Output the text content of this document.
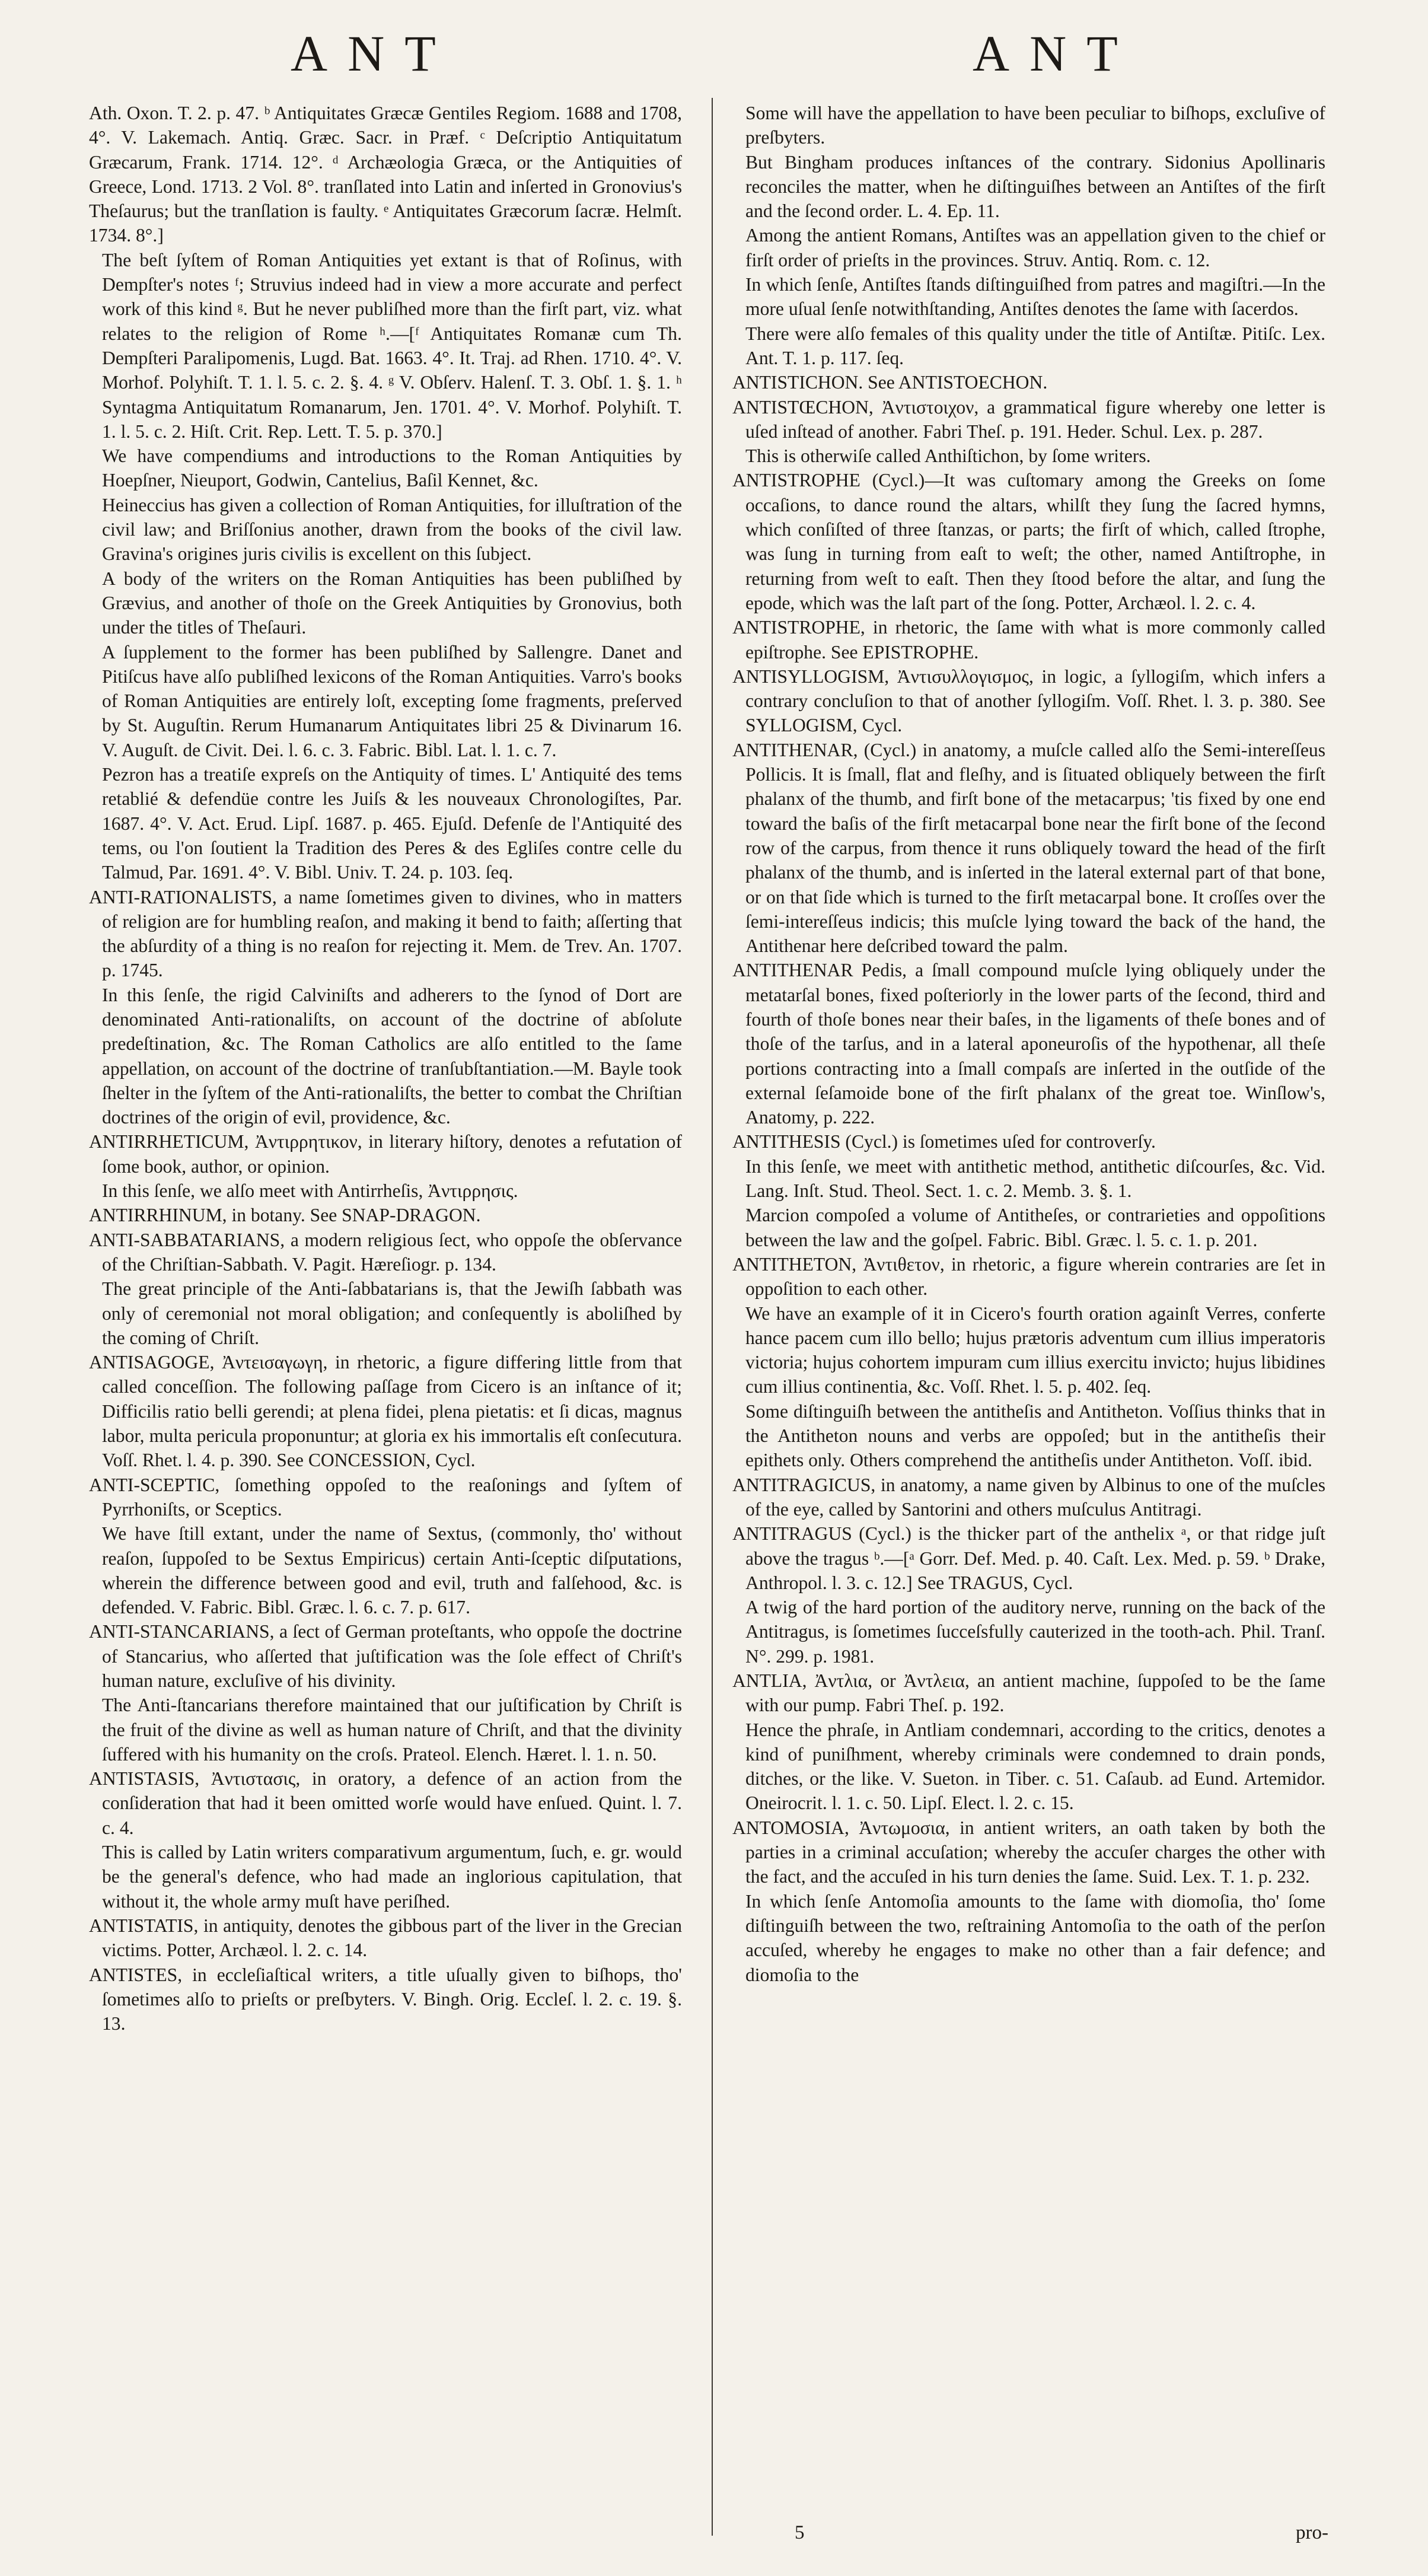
ANT	ANT

Ath. Oxon. T. 2. p. 47. ᵇ Antiquitates Græcæ Gentiles Regiom. 1688 and 1708, 4°. V. Lakemach. Antiq. Græc. Sacr. in Præf. ᶜ Deſcriptio Antiquitatum Græcarum, Frank. 1714. 12°. ᵈ Archæologia Græca, or the Antiquities of Greece, Lond. 1713. 2 Vol. 8°. tranſlated into Latin and inſerted in Gronovius's Theſaurus; but the tranſlation is faulty. ᵉ Antiquitates Græcorum ſacræ. Helmſt. 1734. 8°.]

The beſt ſyſtem of Roman Antiquities yet extant is that of Roſinus, with Dempſter's notes ᶠ; Struvius indeed had in view a more accurate and perfect work of this kind ᵍ. But he never publiſhed more than the firſt part, viz. what relates to the religion of Rome ʰ.—[ᶠ Antiquitates Romanæ cum Th. Dempſteri Paralipomenis, Lugd. Bat. 1663. 4°. It. Traj. ad Rhen. 1710. 4°. V. Morhof. Polyhiſt. T. 1. l. 5. c. 2. §. 4. ᵍ V. Obſerv. Halenſ. T. 3. Obſ. 1. §. 1. ʰ Syntagma Antiquitatum Romanarum, Jen. 1701. 4°. V. Morhof. Polyhiſt. T. 1. l. 5. c. 2. Hiſt. Crit. Rep. Lett. T. 5. p. 370.]

We have compendiums and introductions to the Roman Antiquities by Hoepſner, Nieuport, Godwin, Cantelius, Baſil Kennet, &c.

Heineccius has given a collection of Roman Antiquities, for illuſtration of the civil law; and Briſſonius another, drawn from the books of the civil law. Gravina's origines juris civilis is excellent on this ſubject.

A body of the writers on the Roman Antiquities has been publiſhed by Grævius, and another of thoſe on the Greek Antiquities by Gronovius, both under the titles of Theſauri.

A ſupplement to the former has been publiſhed by Sallengre. Danet and Pitiſcus have alſo publiſhed lexicons of the Roman Antiquities. Varro's books of Roman Antiquities are entirely loſt, excepting ſome fragments, preſerved by St. Auguſtin. Rerum Humanarum Antiquitates libri 25 & Divinarum 16. V. Auguſt. de Civit. Dei. l. 6. c. 3. Fabric. Bibl. Lat. l. 1. c. 7.

Pezron has a treatiſe expreſs on the Antiquity of times. L' Antiquité des tems retablié & defendüe contre les Juiſs & les nouveaux Chronologiſtes, Par. 1687. 4°. V. Act. Erud. Lipſ. 1687. p. 465. Ejuſd. Defenſe de l'Antiquité des tems, ou l'on ſoutient la Tradition des Peres & des Egliſes contre celle du Talmud, Par. 1691. 4°. V. Bibl. Univ. T. 24. p. 103. ſeq.

ANTI-RATIONALISTS, a name ſometimes given to divines, who in matters of religion are for humbling reaſon, and making it bend to faith; aſſerting that the abſurdity of a thing is no reaſon for rejecting it. Mem. de Trev. An. 1707. p. 1745.

In this ſenſe, the rigid Calviniſts and adherers to the ſynod of Dort are denominated Anti-rationaliſts, on account of the doctrine of abſolute predeſtination, &c. The Roman Catholics are alſo entitled to the ſame appellation, on account of the doctrine of tranſubſtantiation.—M. Bayle took ſhelter in the ſyſtem of the Anti-rationaliſts, the better to combat the Chriſtian doctrines of the origin of evil, providence, &c.

ANTIRRHETICUM, Ἀντιρρητικον, in literary hiſtory, denotes a refutation of ſome book, author, or opinion.

In this ſenſe, we alſo meet with Antirrheſis, Ἀντιρρησις.

ANTIRRHINUM, in botany. See SNAP-DRAGON.

ANTI-SABBATARIANS, a modern religious ſect, who oppoſe the obſervance of the Chriſtian-Sabbath. V. Pagit. Hæreſiogr. p. 134.

The great principle of the Anti-ſabbatarians is, that the Jewiſh ſabbath was only of ceremonial not moral obligation; and conſequently is aboliſhed by the coming of Chriſt.

ANTISAGOGE, Ἀντεισαγωγη, in rhetoric, a figure differing little from that called conceſſion. The following paſſage from Cicero is an inſtance of it; Difficilis ratio belli gerendi; at plena fidei, plena pietatis: et ſi dicas, magnus labor, multa pericula proponuntur; at gloria ex his immortalis eſt conſecutura. Voſſ. Rhet. l. 4. p. 390. See CONCESSION, Cycl.

ANTI-SCEPTIC, ſomething oppoſed to the reaſonings and ſyſtem of Pyrrhoniſts, or Sceptics.

We have ſtill extant, under the name of Sextus, (commonly, tho' without reaſon, ſuppoſed to be Sextus Empiricus) certain Anti-ſceptic diſputations, wherein the difference between good and evil, truth and falſehood, &c. is defended. V. Fabric. Bibl. Græc. l. 6. c. 7. p. 617.

ANTI-STANCARIANS, a ſect of German proteſtants, who oppoſe the doctrine of Stancarius, who aſſerted that juſtification was the ſole effect of Chriſt's human nature, excluſive of his divinity.

The Anti-ſtancarians therefore maintained that our juſtification by Chriſt is the fruit of the divine as well as human nature of Chriſt, and that the divinity ſuffered with his humanity on the croſs. Prateol. Elench. Hæret. l. 1. n. 50.

ANTISTASIS, Ἀντιστασις, in oratory, a defence of an action from the conſideration that had it been omitted worſe would have enſued. Quint. l. 7. c. 4.

This is called by Latin writers comparativum argumentum, ſuch, e. gr. would be the general's defence, who had made an inglorious capitulation, that without it, the whole army muſt have periſhed.

ANTISTATIS, in antiquity, denotes the gibbous part of the liver in the Grecian victims. Potter, Archæol. l. 2. c. 14.

ANTISTES, in eccleſiaſtical writers, a title uſually given to biſhops, tho' ſometimes alſo to prieſts or preſbyters. V. Bingh. Orig. Eccleſ. l. 2. c. 19. §. 13.

Some will have the appellation to have been peculiar to biſhops, excluſive of preſbyters.

But Bingham produces inſtances of the contrary. Sidonius Apollinaris reconciles the matter, when he diſtinguiſhes between an Antiſtes of the firſt and the ſecond order. L. 4. Ep. 11.

Among the antient Romans, Antiſtes was an appellation given to the chief or firſt order of prieſts in the provinces. Struv. Antiq. Rom. c. 12.

In which ſenſe, Antiſtes ſtands diſtinguiſhed from patres and magiſtri.—In the more uſual ſenſe notwithſtanding, Antiſtes denotes the ſame with ſacerdos.

There were alſo females of this quality under the title of Antiſtæ. Pitiſc. Lex. Ant. T. 1. p. 117. ſeq.

ANTISTICHON. See ANTISTOECHON.

ANTISTŒCHON, Ἀντιστοιχον, a grammatical figure whereby one letter is uſed inſtead of another. Fabri Theſ. p. 191. Heder. Schul. Lex. p. 287.

This is otherwiſe called Anthiſtichon, by ſome writers.

ANTISTROPHE (Cycl.)—It was cuſtomary among the Greeks on ſome occaſions, to dance round the altars, whilſt they ſung the ſacred hymns, which conſiſted of three ſtanzas, or parts; the firſt of which, called ſtrophe, was ſung in turning from eaſt to weſt; the other, named Antiſtrophe, in returning from weſt to eaſt. Then they ſtood before the altar, and ſung the epode, which was the laſt part of the ſong. Potter, Archæol. l. 2. c. 4.

ANTISTROPHE, in rhetoric, the ſame with what is more commonly called epiſtrophe. See EPISTROPHE.

ANTISYLLOGISM, Ἀντισυλλογισμος, in logic, a ſyllogiſm, which infers a contrary concluſion to that of another ſyllogiſm. Voſſ. Rhet. l. 3. p. 380. See SYLLOGISM, Cycl.

ANTITHENAR, (Cycl.) in anatomy, a muſcle called alſo the Semi-intereſſeus Pollicis. It is ſmall, flat and fleſhy, and is ſituated obliquely between the firſt phalanx of the thumb, and firſt bone of the metacarpus; 'tis fixed by one end toward the baſis of the firſt metacarpal bone near the firſt bone of the ſecond row of the carpus, from thence it runs obliquely toward the head of the firſt phalanx of the thumb, and is inſerted in the lateral external part of that bone, or on that ſide which is turned to the firſt metacarpal bone. It croſſes over the ſemi-intereſſeus indicis; this muſcle lying toward the back of the hand, the Antithenar here deſcribed toward the palm.

ANTITHENAR Pedis, a ſmall compound muſcle lying obliquely under the metatarſal bones, fixed poſteriorly in the lower parts of the ſecond, third and fourth of thoſe bones near their baſes, in the ligaments of theſe bones and of thoſe of the tarſus, and in a lateral aponeuroſis of the hypothenar, all theſe portions contracting into a ſmall compaſs are inſerted in the outſide of the external ſeſamoide bone of the firſt phalanx of the great toe. Winſlow's, Anatomy, p. 222.

ANTITHESIS (Cycl.) is ſometimes uſed for controverſy.

In this ſenſe, we meet with antithetic method, antithetic diſcourſes, &c. Vid. Lang. Inſt. Stud. Theol. Sect. 1. c. 2. Memb. 3. §. 1.

Marcion compoſed a volume of Antitheſes, or contrarieties and oppoſitions between the law and the goſpel. Fabric. Bibl. Græc. l. 5. c. 1. p. 201.

ANTITHETON, Ἀντιθετον, in rhetoric, a figure wherein contraries are ſet in oppoſition to each other.

We have an example of it in Cicero's fourth oration againſt Verres, conferte hance pacem cum illo bello; hujus prætoris adventum cum illius imperatoris victoria; hujus cohortem impuram cum illius exercitu invicto; hujus libidines cum illius continentia, &c. Voſſ. Rhet. l. 5. p. 402. ſeq.

Some diſtinguiſh between the antitheſis and Antitheton. Voſſius thinks that in the Antitheton nouns and verbs are oppoſed; but in the antitheſis their epithets only. Others comprehend the antitheſis under Antitheton. Voſſ. ibid.

ANTITRAGICUS, in anatomy, a name given by Albinus to one of the muſcles of the eye, called by Santorini and others muſculus Antitragi.

ANTITRAGUS (Cycl.) is the thicker part of the anthelix ᵃ, or that ridge juſt above the tragus ᵇ.—[ᵃ Gorr. Def. Med. p. 40. Caſt. Lex. Med. p. 59. ᵇ Drake, Anthropol. l. 3. c. 12.] See TRAGUS, Cycl.

A twig of the hard portion of the auditory nerve, running on the back of the Antitragus, is ſometimes ſucceſsfully cauterized in the tooth-ach. Phil. Tranſ. N°. 299. p. 1981.

ANTLIA, Ἀντλια, or Ἀντλεια, an antient machine, ſuppoſed to be the ſame with our pump. Fabri Theſ. p. 192.

Hence the phraſe, in Antliam condemnari, according to the critics, denotes a kind of puniſhment, whereby criminals were condemned to drain ponds, ditches, or the like. V. Sueton. in Tiber. c. 51. Caſaub. ad Eund. Artemidor. Oneirocrit. l. 1. c. 50. Lipſ. Elect. l. 2. c. 15.

ANTOMOSIA, Ἀντωμοσια, in antient writers, an oath taken by both the parties in a criminal accuſation; whereby the accuſer charges the other with the fact, and the accuſed in his turn denies the ſame. Suid. Lex. T. 1. p. 232.

In which ſenſe Antomoſia amounts to the ſame with diomoſia, tho' ſome diſtinguiſh between the two, reſtraining Antomoſia to the oath of the perſon accuſed, whereby he engages to make no other than a fair defence; and diomoſia to the

5	pro-
